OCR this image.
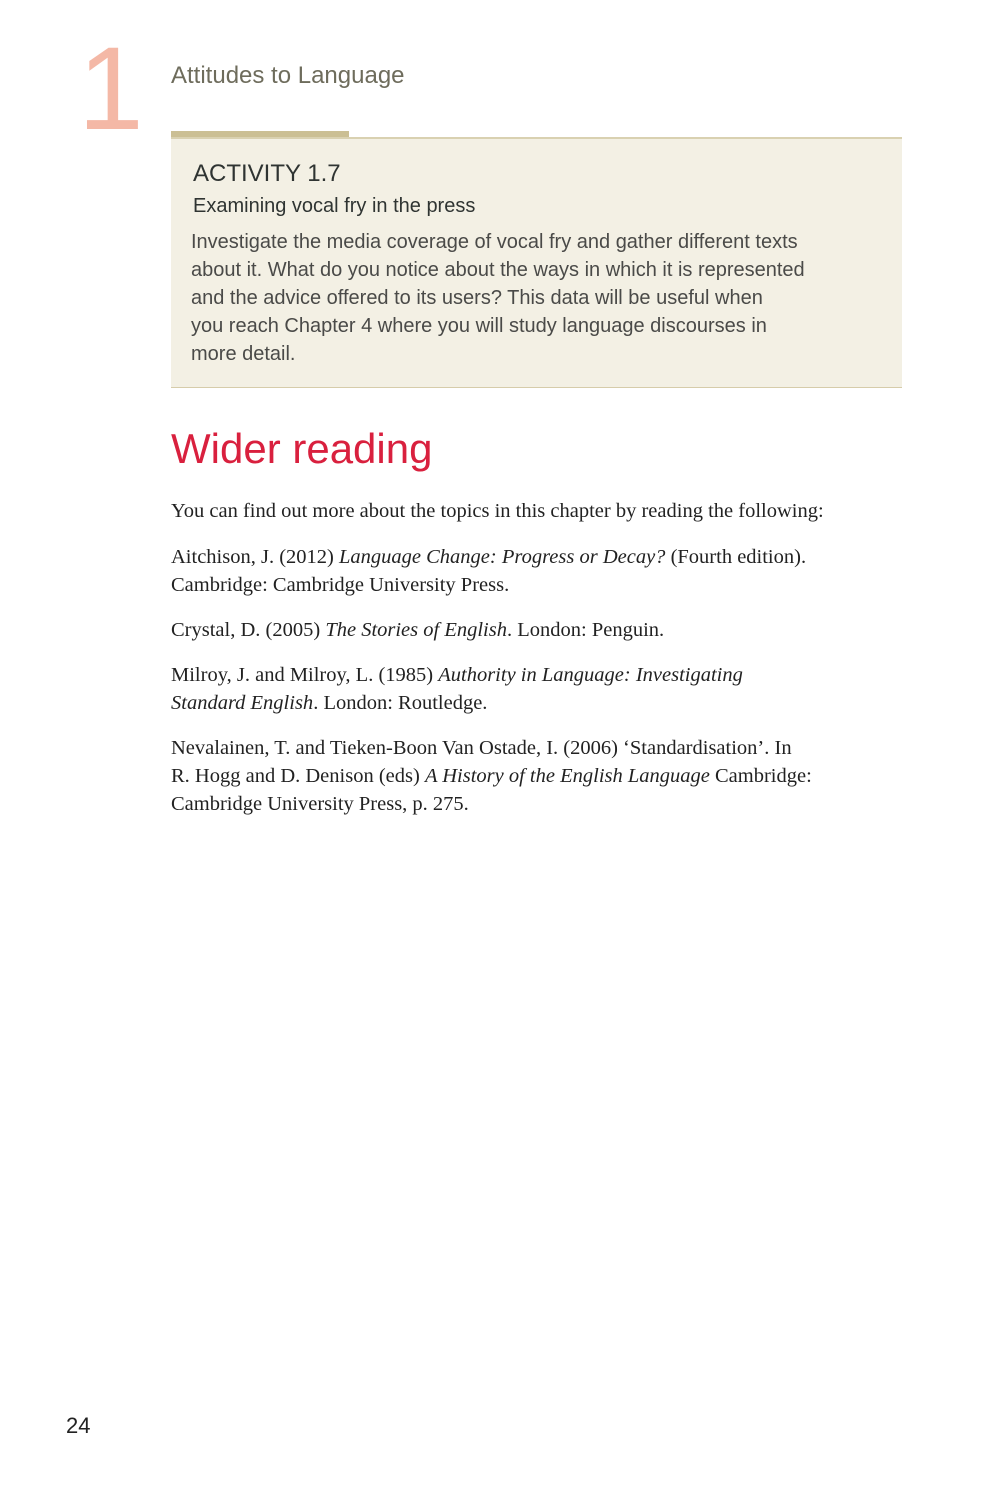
1 Attitudes to Language
ACTIVITY 1.7
Examining vocal fry in the press
Investigate the media coverage of vocal fry and gather different texts
about it. What do you notice about the ways in which it is represented
and the advice offered to its users? This data will be useful when
you reach Chapter 4 where you will study language discourses in
more detail.
Wider reading
You can find out more about the topics in this chapter by reading the following:
Aitchison, J. (2012) Language Change: Progress or Decay? (Fourth edition).
Cambridge: Cambridge University Press.
Crystal, D. (2005) The Stories of English. London: Penguin.
Milroy, J. and Milroy, L. (1985) Authority in Language: Investigating
Standard English. London: Routledge.
Nevalainen, T. and Tieken-Boon Van Ostade, I. (2006) ‘Standardisation’. In
R. Hogg and D. Denison (eds) A History of the English Language Cambridge:
Cambridge University Press, p. 275.
24
